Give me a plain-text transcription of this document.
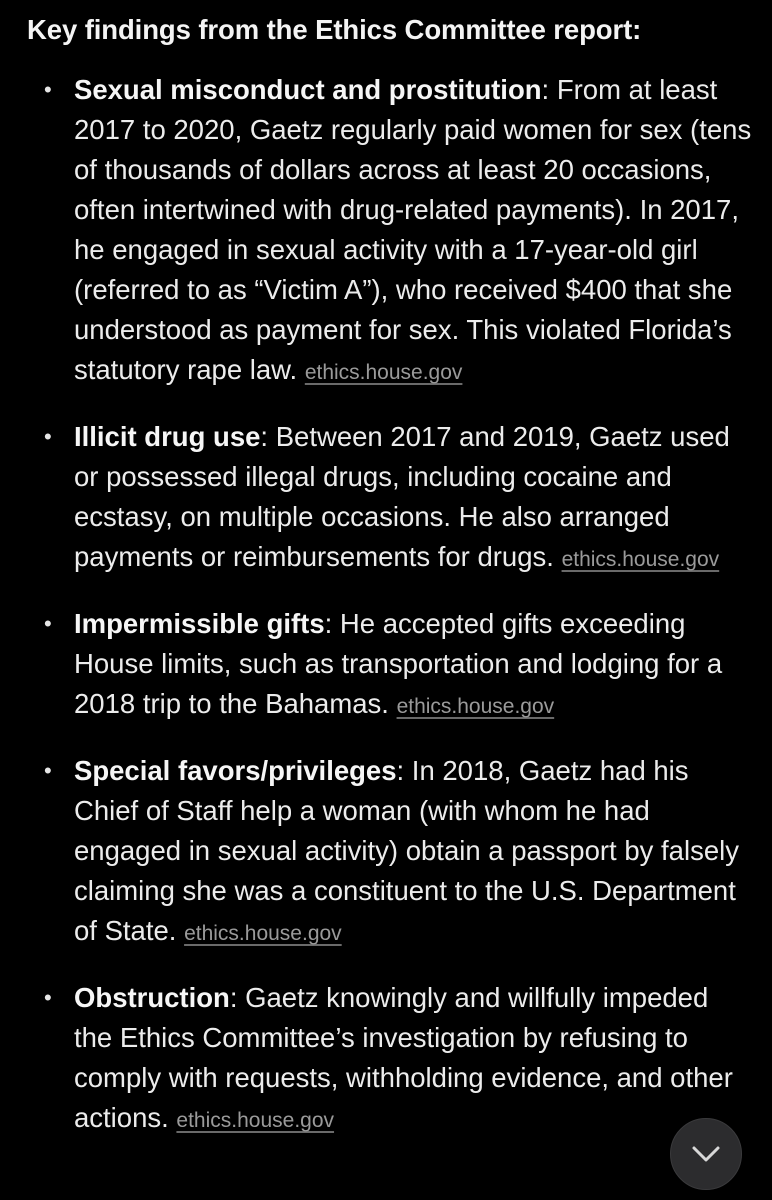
Key findings from the Ethics Committee report:
• Sexual misconduct and prostitution: From at least 2017 to 2020, Gaetz regularly paid women for sex (tens of thousands of dollars across at least 20 occasions, often intertwined with drug-related payments). In 2017, he engaged in sexual activity with a 17-year-old girl (referred to as “Victim A”), who received $400 that she understood as payment for sex. This violated Florida’s statutory rape law. ethics.house.gov
• Illicit drug use: Between 2017 and 2019, Gaetz used or possessed illegal drugs, including cocaine and ecstasy, on multiple occasions. He also arranged payments or reimbursements for drugs. ethics.house.gov
• Impermissible gifts: He accepted gifts exceeding House limits, such as transportation and lodging for a 2018 trip to the Bahamas. ethics.house.gov
• Special favors/privileges: In 2018, Gaetz had his Chief of Staff help a woman (with whom he had engaged in sexual activity) obtain a passport by falsely claiming she was a constituent to the U.S. Department of State. ethics.house.gov
• Obstruction: Gaetz knowingly and willfully impeded the Ethics Committee’s investigation by refusing to comply with requests, withholding evidence, and other actions. ethics.house.gov
